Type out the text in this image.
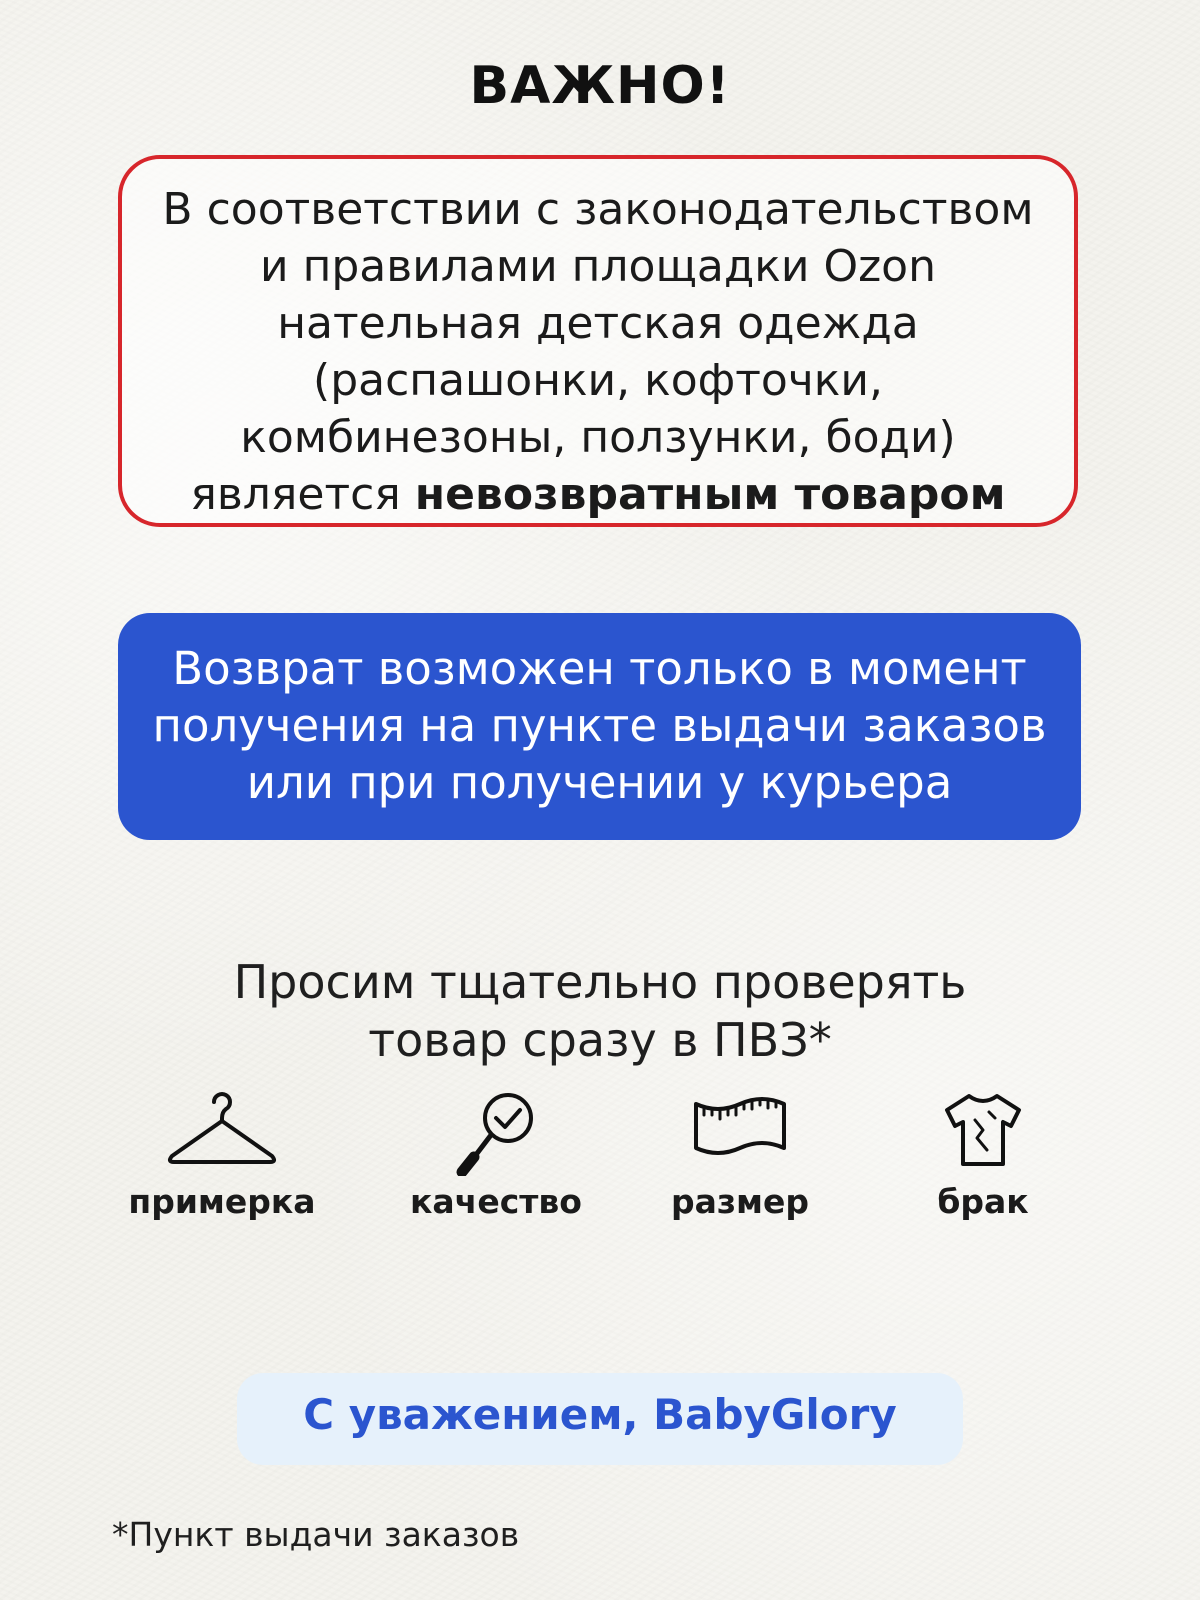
ВАЖНО!
В соответствии с законодательством
и правилами площадки Ozon
нательная детская одежда
(распашонки, кофточки,
комбинезоны, ползунки, боди)
является невозвратным товаром
Возврат возможен только в момент
получения на пункте выдачи заказов
или при получении у курьера
Просим тщательно проверять
товар сразу в ПВЗ*
примерка	качество	размер	брак
С уважением, BabyGlory
*Пункт выдачи заказов
